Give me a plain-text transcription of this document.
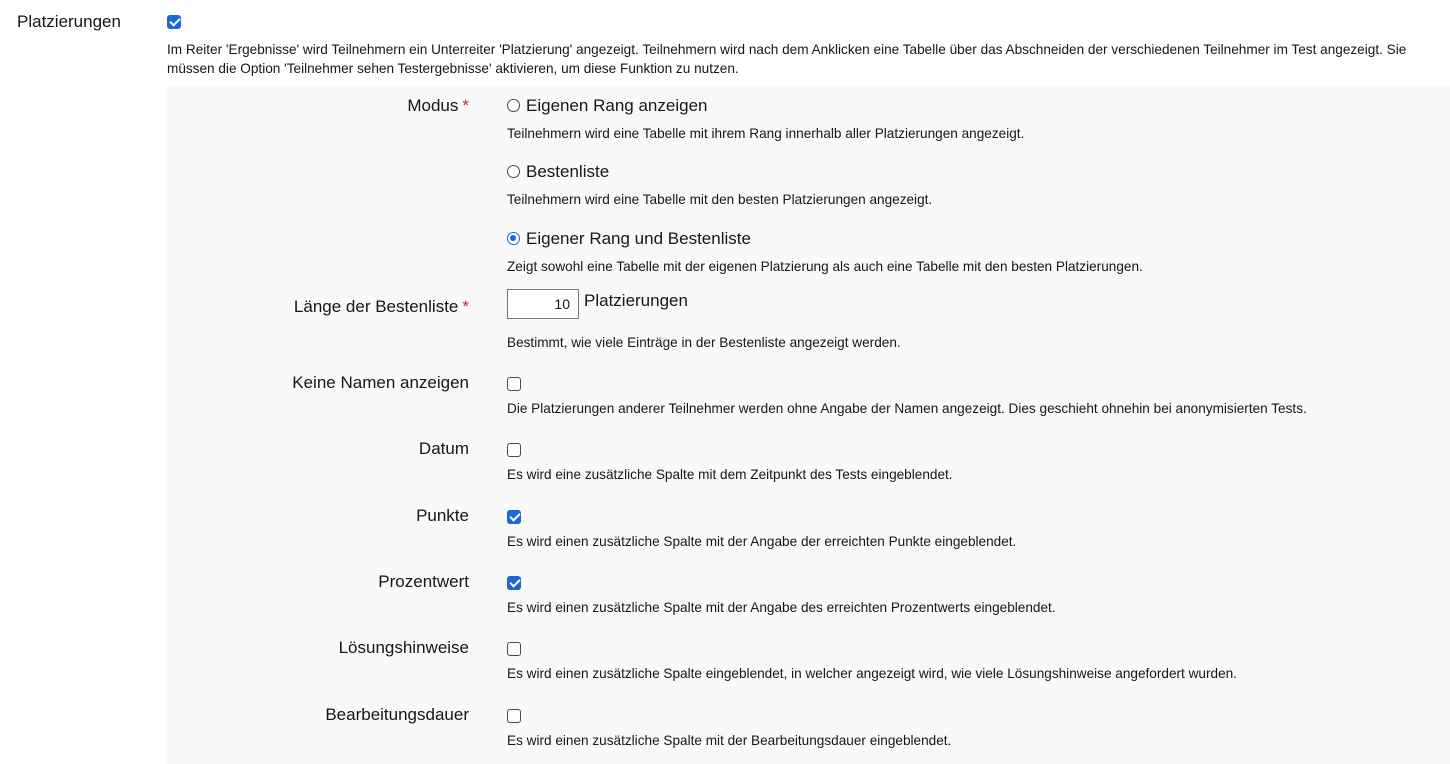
Platzierungen
Im Reiter 'Ergebnisse' wird Teilnehmern ein Unterreiter 'Platzierung' angezeigt. Teilnehmern wird nach dem Anklicken eine Tabelle über das Abschneiden der verschiedenen Teilnehmer im Test angezeigt. Sie müssen die Option 'Teilnehmer sehen Testergebnisse' aktivieren, um diese Funktion zu nutzen.
Modus *	Eigenen Rang anzeigen
Teilnehmern wird eine Tabelle mit ihrem Rang innerhalb aller Platzierungen angezeigt.
Bestenliste
Teilnehmern wird eine Tabelle mit den besten Platzierungen angezeigt.
Eigener Rang und Bestenliste
Zeigt sowohl eine Tabelle mit der eigenen Platzierung als auch eine Tabelle mit den besten Platzierungen.
Länge der Bestenliste *
10	Platzierungen
Bestimmt, wie viele Einträge in der Bestenliste angezeigt werden.
Keine Namen anzeigen
Die Platzierungen anderer Teilnehmer werden ohne Angabe der Namen angezeigt. Dies geschieht ohnehin bei anonymisierten Tests.
Datum
Es wird eine zusätzliche Spalte mit dem Zeitpunkt des Tests eingeblendet.
Punkte
Es wird einen zusätzliche Spalte mit der Angabe der erreichten Punkte eingeblendet.
Prozentwert
Es wird einen zusätzliche Spalte mit der Angabe des erreichten Prozentwerts eingeblendet.
Lösungshinweise
Es wird einen zusätzliche Spalte eingeblendet, in welcher angezeigt wird, wie viele Lösungshinweise angefordert wurden.
Bearbeitungsdauer
Es wird einen zusätzliche Spalte mit der Bearbeitungsdauer eingeblendet.
